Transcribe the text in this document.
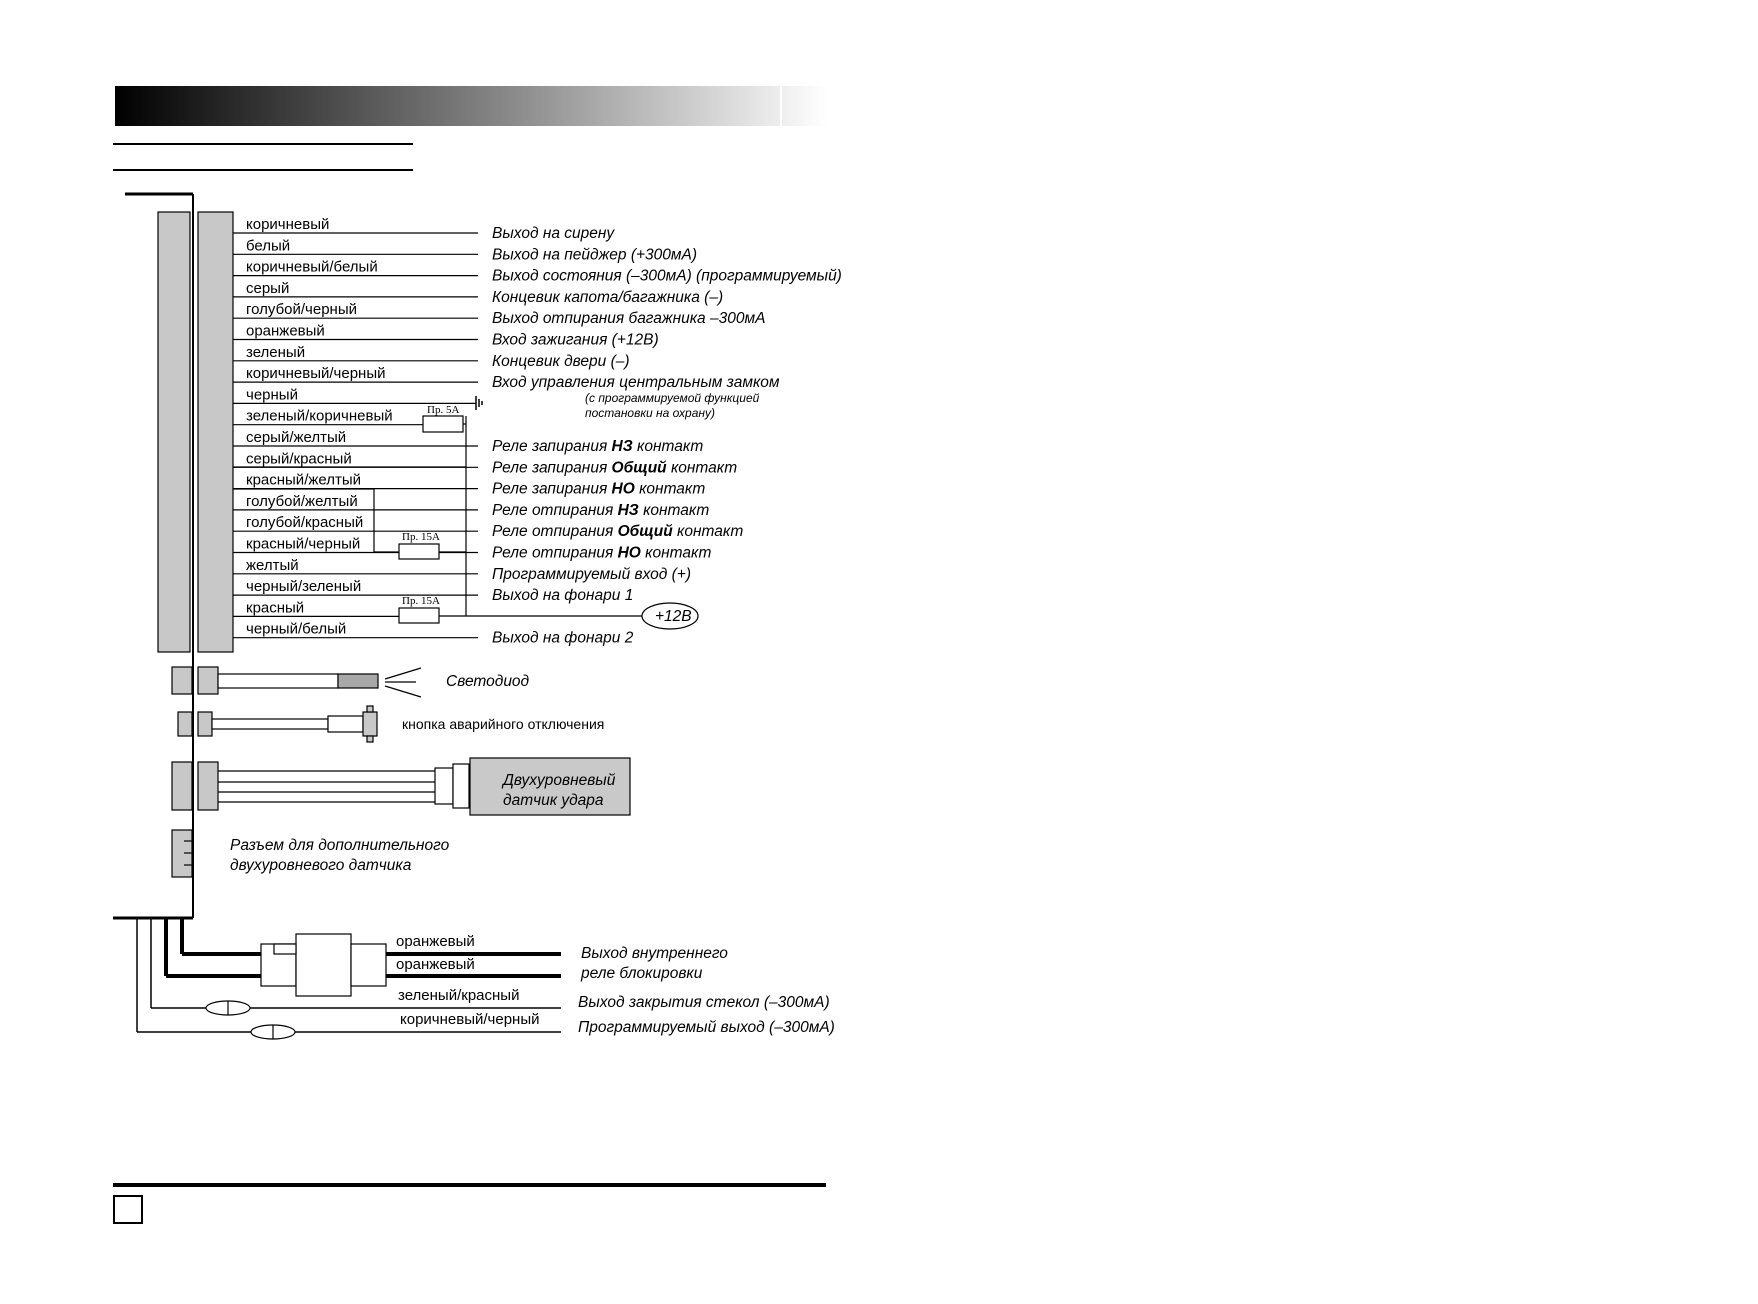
коричневый
Выход на сирену
белый
Выход на пейджер (+300мА)
коричневый/белый
Выход состояния (–300мА) (программируемый)
серый
Концевик капота/багажника (–)
голубой/черный
Выход отпирания багажника –300мА
оранжевый
Вход зажигания (+12В)
зеленый
Концевик двери (–)
коричневый/черный
Вход управления центральным замком
черный
зеленый/коричневый
серый/желтый
Реле запирания НЗ контакт
серый/красный
Реле запирания Общий контакт
красный/желтый
Реле запирания НО контакт
голубой/желтый
Реле отпирания НЗ контакт
голубой/красный
Реле отпирания Общий контакт
красный/черный
Реле отпирания НО контакт
желтый
Программируемый вход (+)
черный/зеленый
Выход на фонари 1
красный
черный/белый
Выход на фонари 2
(с программируемой функцией
постановки на охрану)
Пр. 5А
Пр. 15А
Пр. 15А
+12В
Светодиод
кнопка аварийного отключения
Двухуровневый
датчик удара
Разъем для дополнительного
двухуровневого датчика
оранжевый
оранжевый
Выход внутреннего
реле блокировки
зеленый/красный	Выход закрытия стекол (–300мА)
коричневый/черный Программируемый выход (–300мА)
